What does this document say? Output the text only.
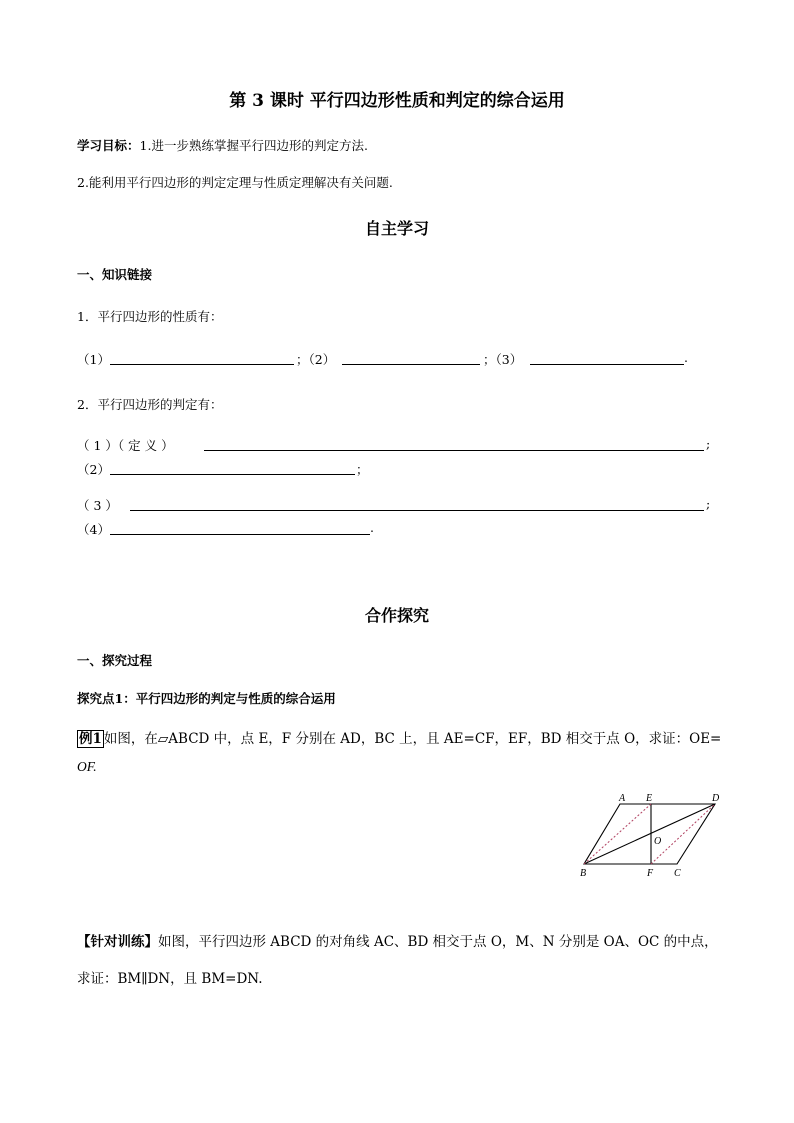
第 3 课时 平行四边形性质和判定的综合运用
学习目标：1.进一步熟练掌握平行四边形的判定方法.
2.能利用平行四边形的判定定理与性质定理解决有关问题.
自主学习
一、知识链接
1．平行四边形的性质有：
（1）	；（2）	；（3）	.
2．平行四边形的判定有：
（ 1 ）（ 定 义 ）	;
（2）	；
（ 3 ）	;
（4）	.
合作探究
一、探究过程
探究点1：平行四边形的判定与性质的综合运用
例1 如图，在▱ABCD 中，点 E，F 分别在 AD，BC 上，且 AE=CF，EF，BD 相交于点 O，求证：OE=
OF.
A E	D
O
B	F C
【针对训练】如图，平行四边形 ABCD 的对角线 AC、BD 相交于点 O，M、N 分别是 OA、OC 的中点，
求证：BM∥DN，且 BM=DN.
